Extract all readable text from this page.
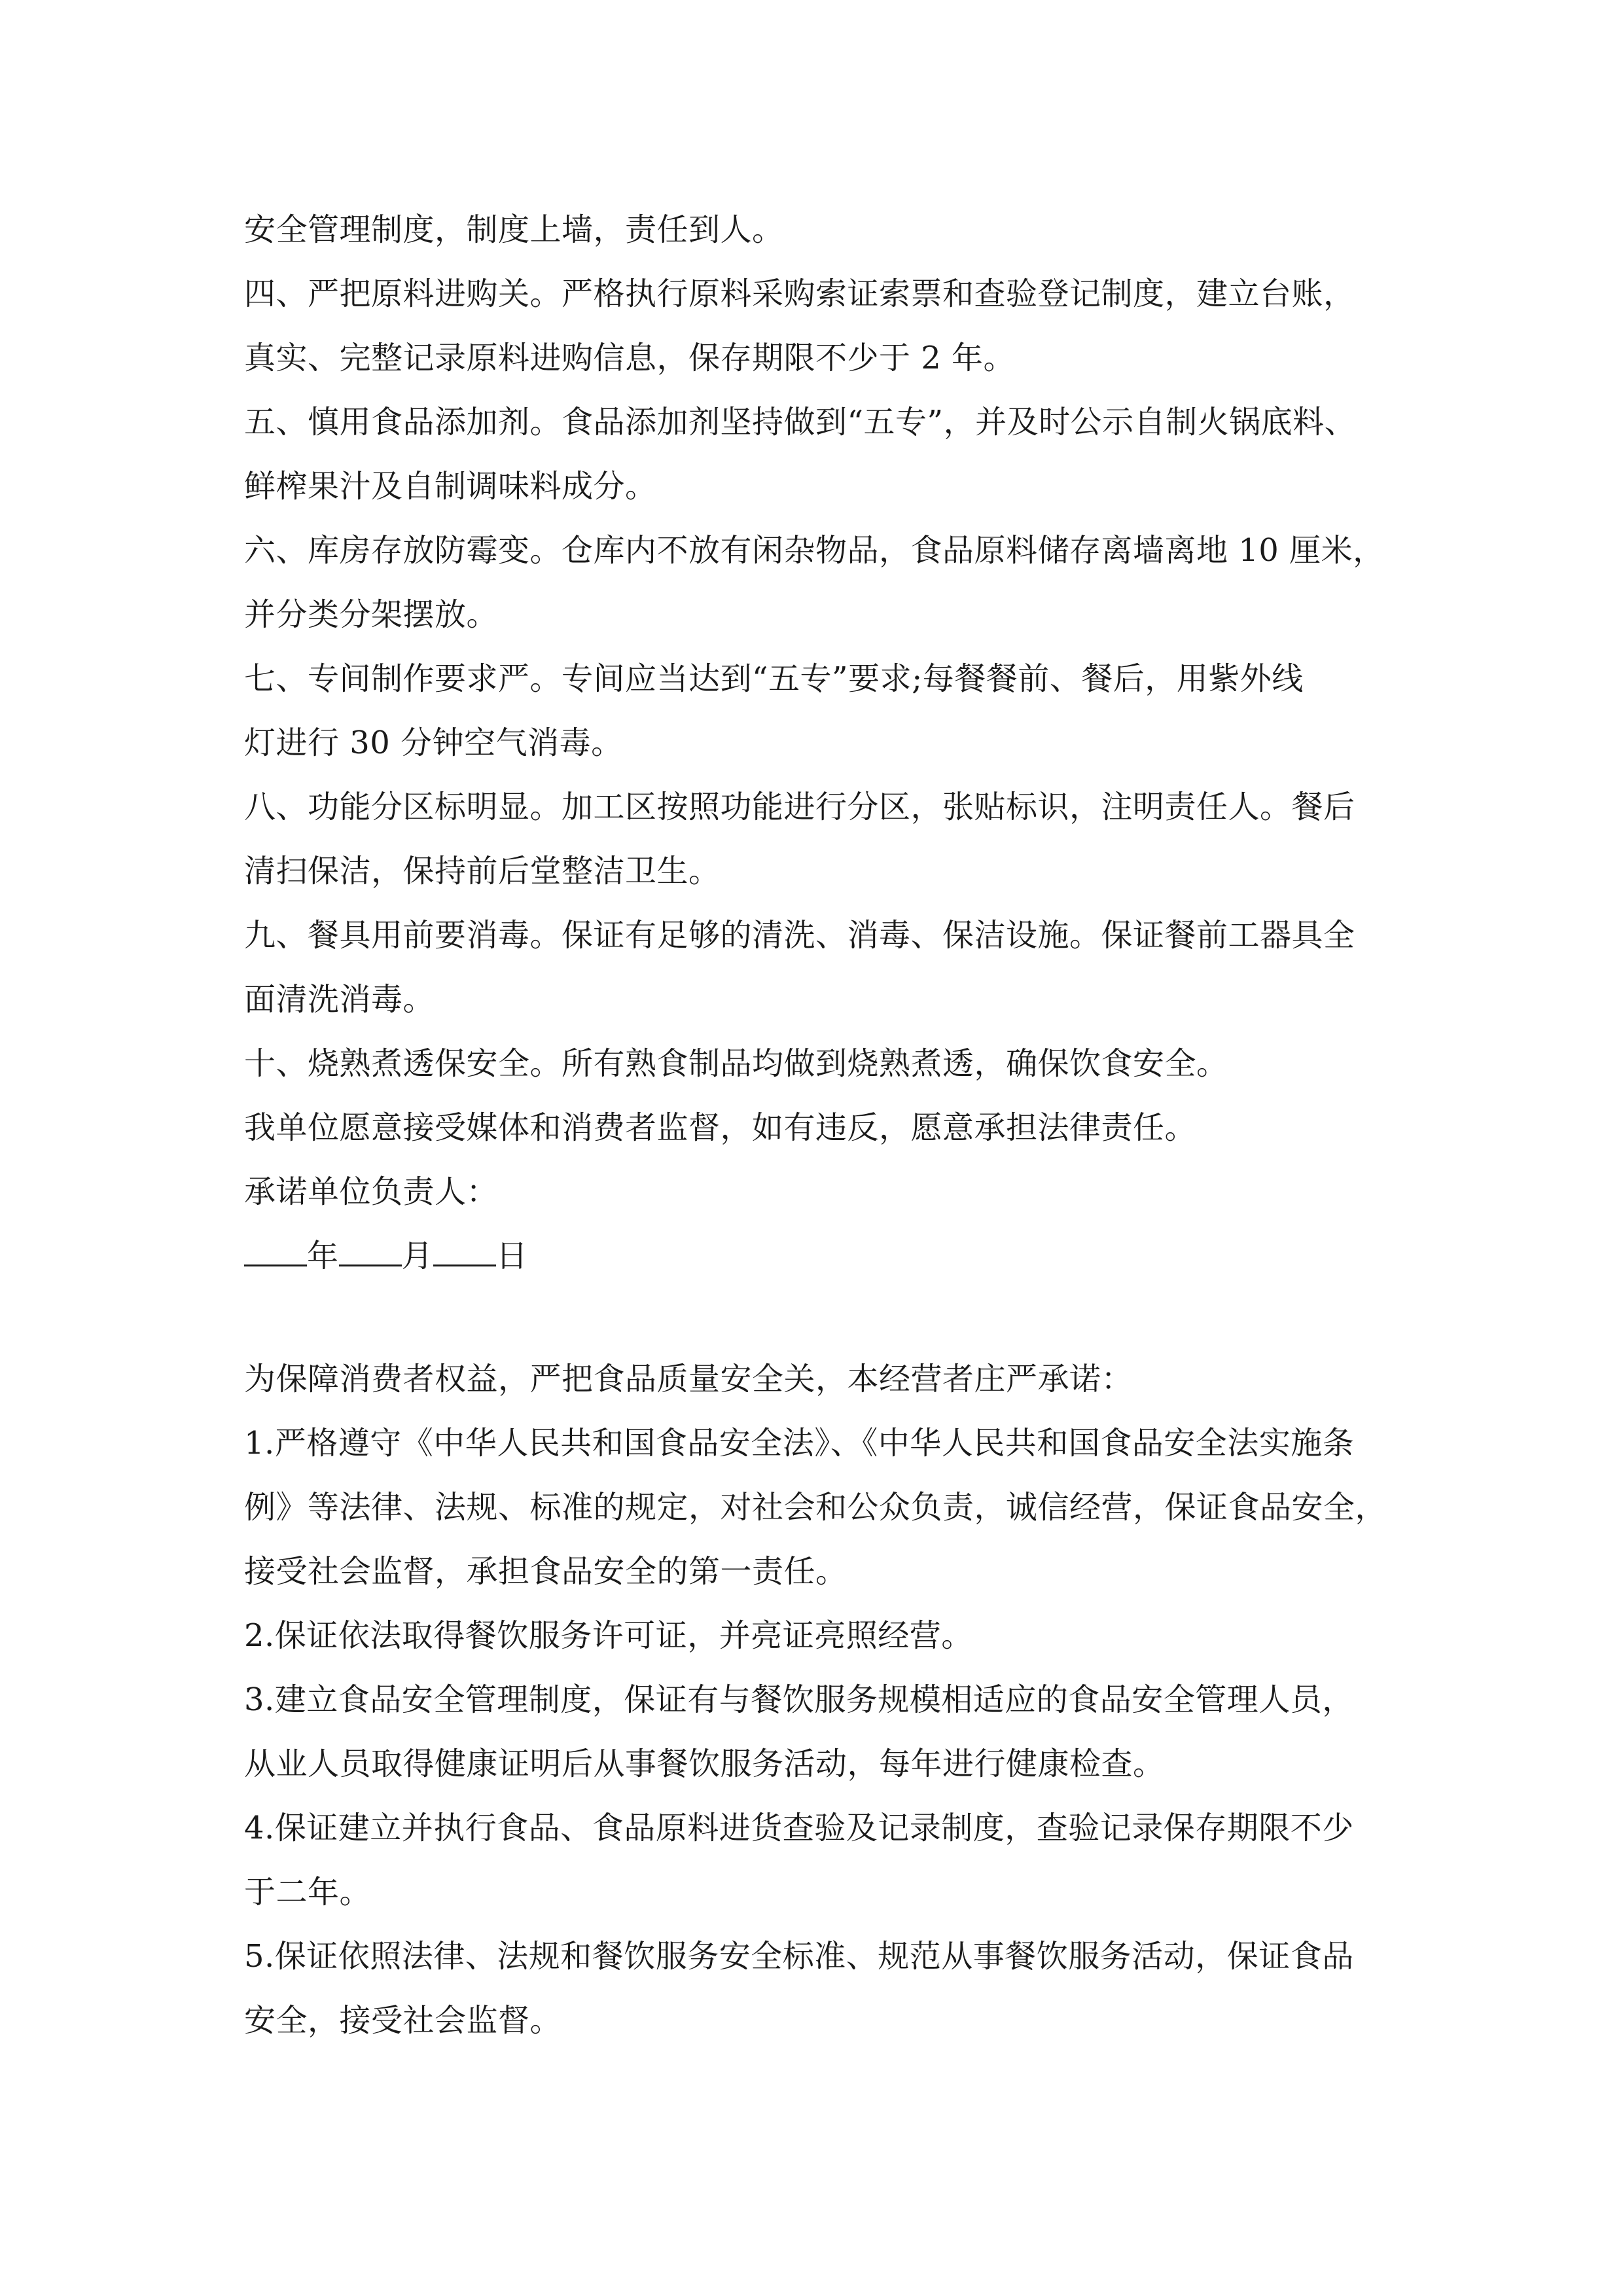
安全管理制度，制度上墙，责任到人。
四、严把原料进购关。严格执行原料采购索证索票和查验登记制度，建立台账，
真实、完整记录原料进购信息，保存期限不少于 2 年。
五、慎用食品添加剂。食品添加剂坚持做到“五专”，并及时公示自制火锅底料、
鲜榨果汁及自制调味料成分。
六、库房存放防霉变。仓库内不放有闲杂物品，食品原料储存离墙离地 10 厘米，
并分类分架摆放。
七、专间制作要求严。专间应当达到“五专”要求;每餐餐前、餐后，用紫外线
灯进行 30 分钟空气消毒。
八、功能分区标明显。加工区按照功能进行分区，张贴标识，注明责任人。餐后
清扫保洁，保持前后堂整洁卫生。
九、餐具用前要消毒。保证有足够的清洗、消毒、保洁设施。保证餐前工器具全
面清洗消毒。
十、烧熟煮透保安全。所有熟食制品均做到烧熟煮透，确保饮食安全。
我单位愿意接受媒体和消费者监督，如有违反，愿意承担法律责任。
承诺单位负责人：
年 月 日
为保障消费者权益，严把食品质量安全关，本经营者庄严承诺：
1.严格遵守《中华人民共和国食品安全法》、《中华人民共和国食品安全法实施条
例》等法律、法规、标准的规定，对社会和公众负责，诚信经营，保证食品安全，
接受社会监督，承担食品安全的第一责任。
2.保证依法取得餐饮服务许可证，并亮证亮照经营。
3.建立食品安全管理制度，保证有与餐饮服务规模相适应的食品安全管理人员，
从业人员取得健康证明后从事餐饮服务活动，每年进行健康检查。
4.保证建立并执行食品、食品原料进货查验及记录制度，查验记录保存期限不少
于二年。
5.保证依照法律、法规和餐饮服务安全标准、规范从事餐饮服务活动，保证食品
安全，接受社会监督。
